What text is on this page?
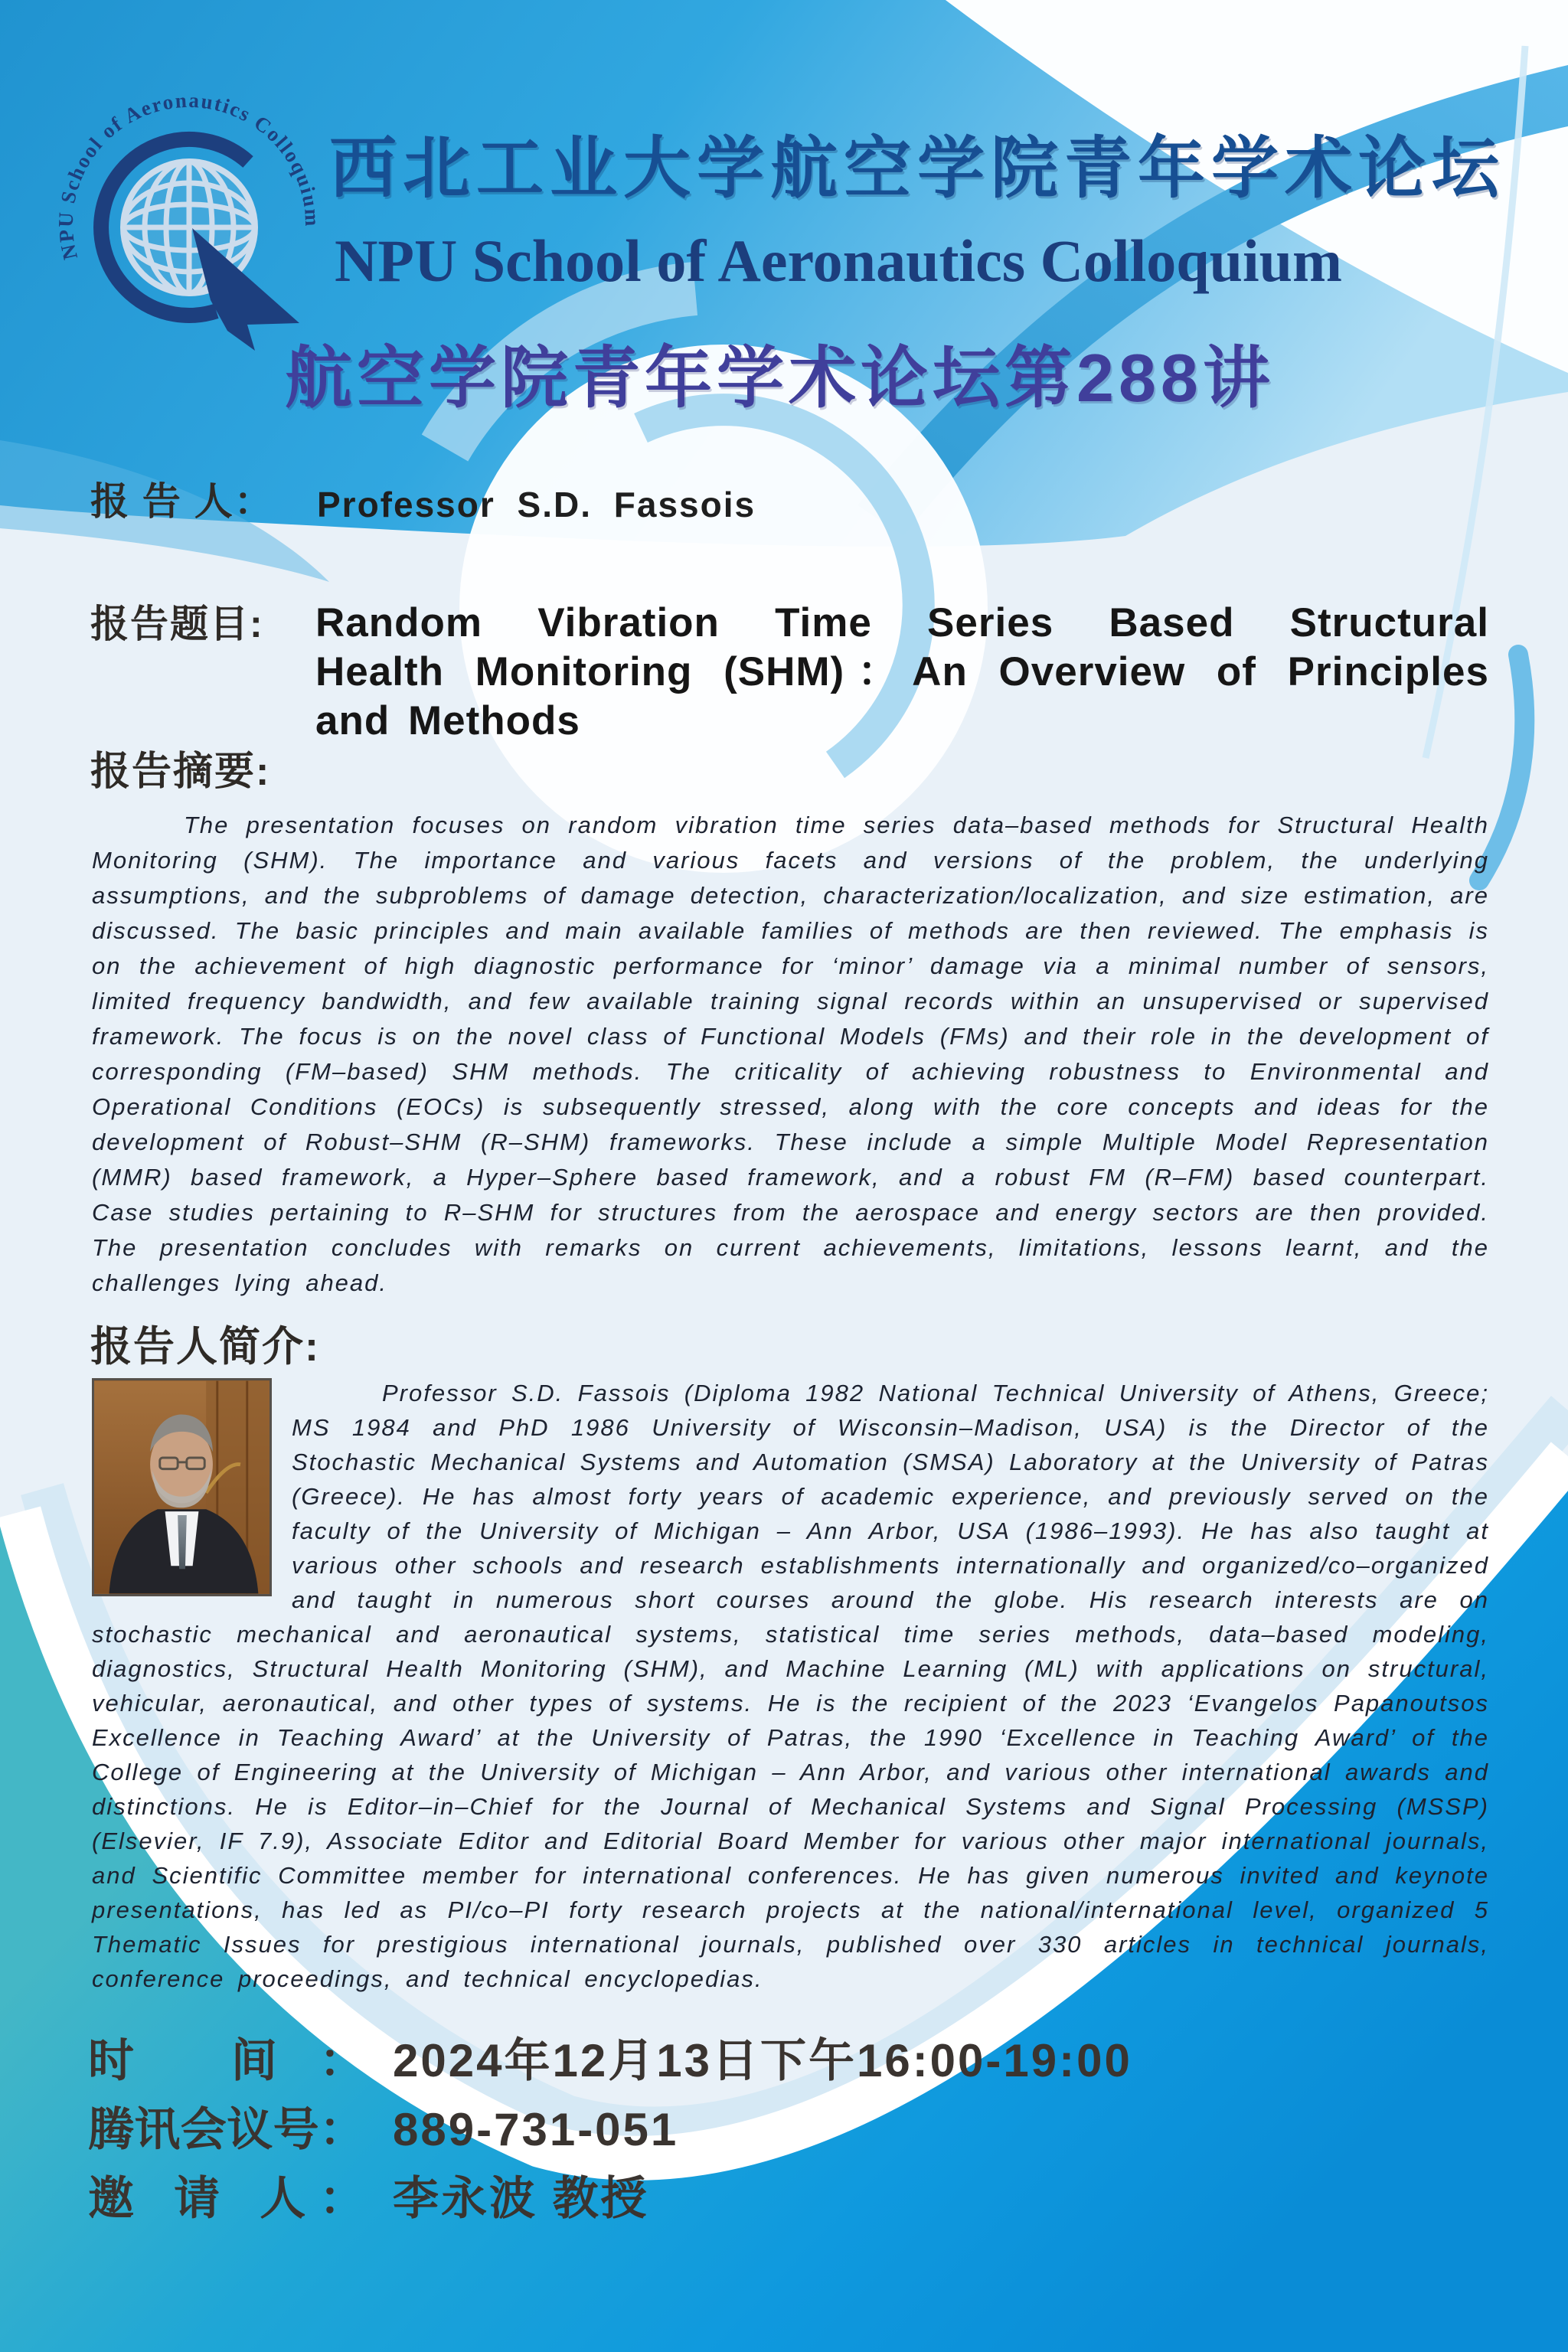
NPU School of Aeronautics Colloquium
西北工业大学航空学院青年学术论坛
NPU School of Aeronautics Colloquium
航空学院青年学术论坛第288讲
报 告 人： Professor S.D. Fassois
报告题目: Random Vibration Time Series Based Structural
Health Monitoring (SHM)：An Overview of Principles
and Methods
报告摘要:
The presentation focuses on random vibration time series data–based methods for Structural Health Monitoring (SHM). The importance and various facets and versions of the problem, the underlying assumptions, and the subproblems of damage detection, characterization/localization, and size estimation, are discussed. The basic principles and main available families of methods are then reviewed. The emphasis is on the achievement of high diagnostic performance for ‘minor’ damage via a minimal number of sensors, limited frequency bandwidth, and few available training signal records within an unsupervised or supervised framework. The focus is on the novel class of Functional Models (FMs) and their role in the development of corresponding (FM–based) SHM methods. The criticality of achieving robustness to Environmental and Operational Conditions (EOCs) is subsequently stressed, along with the core concepts and ideas for the development of Robust–SHM (R–SHM) frameworks. These include a simple Multiple Model Representation (MMR) based framework, a Hyper–Sphere based framework, and a robust FM (R–FM) based counterpart. Case studies pertaining to R–SHM for structures from the aerospace and energy sectors are then provided. The presentation concludes with remarks on current achievements, limitations, lessons learnt, and the challenges lying ahead.
报告人简介:
Professor S.D. Fassois (Diploma 1982 National Technical University of Athens, Greece; MS 1984 and PhD 1986 University of Wisconsin–Madison, USA) is the Director of the Stochastic Mechanical Systems and Automation (SMSA) Laboratory at the University of Patras (Greece). He has almost forty years of academic experience, and previously served on the faculty of the University of Michigan – Ann Arbor, USA (1986–1993). He has also taught at various other schools and research establishments internationally and organized/co–organized and taught in numerous short courses around the globe. His research interests are on stochastic mechanical and aeronautical systems, statistical time series methods, data–based modeling, diagnostics, Structural Health Monitoring (SHM), and Machine Learning (ML) with applications on structural, vehicular, aeronautical, and other types of systems. He is the recipient of the 2023 ‘Evangelos Papanoutsos Excellence in Teaching Award’ at the University of Patras, the 1990 ‘Excellence in Teaching Award’ of the College of Engineering at the University of Michigan – Ann Arbor, and various other international awards and distinctions. He is Editor–in–Chief for the Journal of Mechanical Systems and Signal Processing (MSSP) (Elsevier, IF 7.9), Associate Editor and Editorial Board Member for various other major international journals, and Scientific Committee member for international conferences. He has given numerous invited and keynote presentations, has led as PI/co–PI forty research projects at the national/international level, organized 5 Thematic Issues for prestigious international journals, published over 330 articles in technical journals, conference proceedings, and technical encyclopedias.
时 间： 2024年12月13日下午16:00-19:00
腾讯会议号： 889-731-051
邀 请 人： 李永波 教授
